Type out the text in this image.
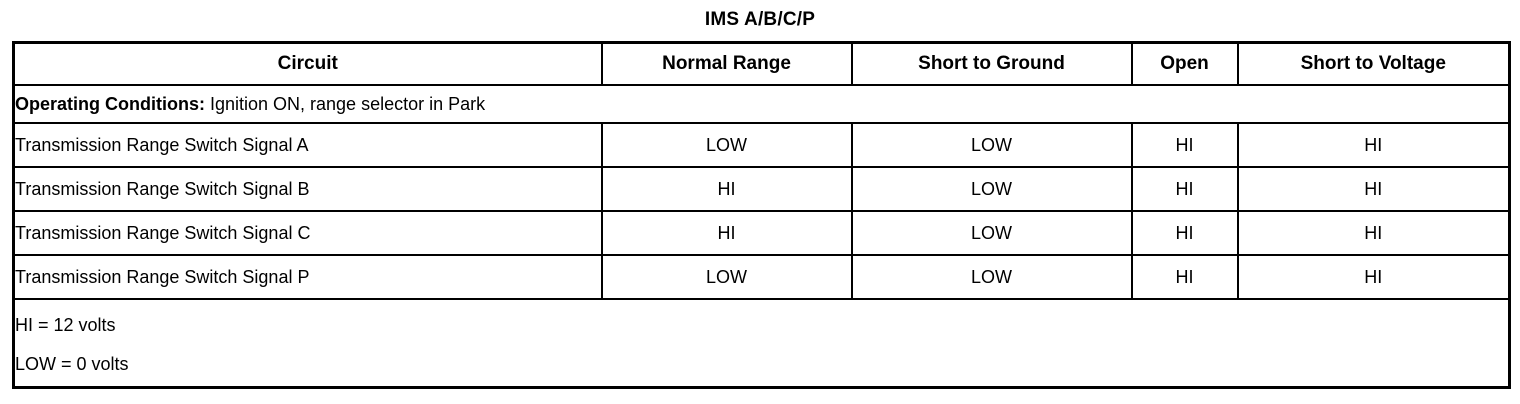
IMS A/B/C/P
Circuit	Normal Range	Short to Ground	Open	Short to Voltage
Operating Conditions: Ignition ON, range selector in Park				
Transmission Range Switch Signal A	LOW	LOW	HI	HI
Transmission Range Switch Signal B	HI	LOW	HI	HI
Transmission Range Switch Signal C	HI	LOW	HI	HI
Transmission Range Switch Signal P	LOW	LOW	HI	HI

HI = 12 volts
LOW = 0 volts				
